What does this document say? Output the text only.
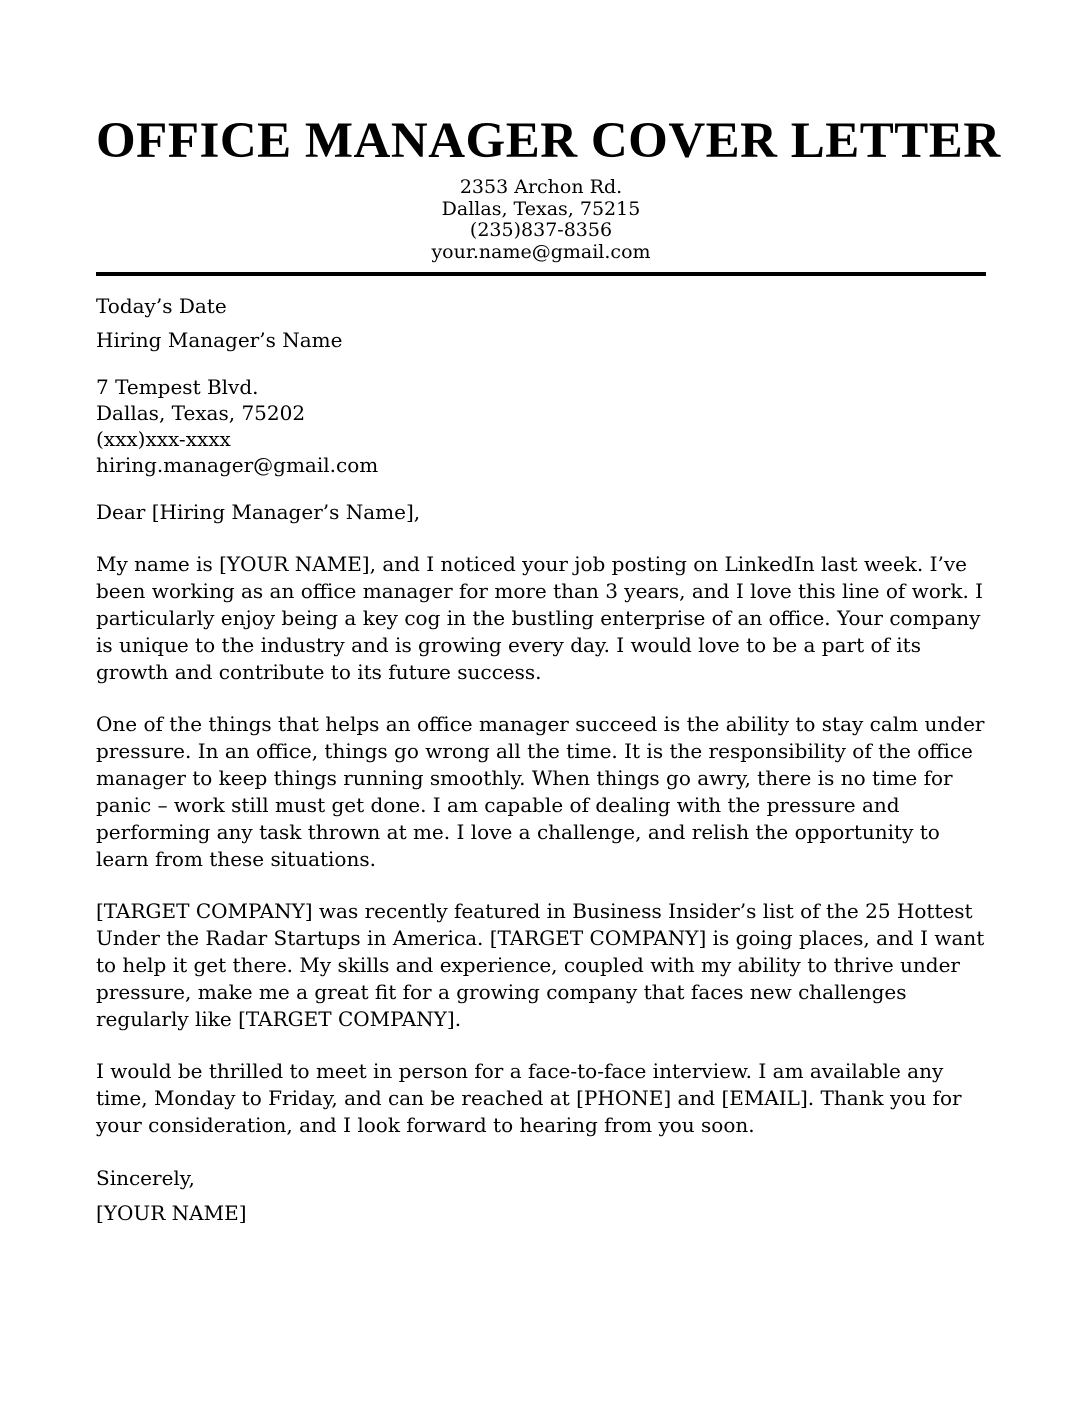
OFFICE MANAGER COVER LETTER
2353 Archon Rd.
Dallas, Texas, 75215
(235)837-8356
your.name@gmail.com

Today’s Date

Hiring Manager’s Name

7 Tempest Blvd.
Dallas, Texas, 75202
(xxx)xxx-xxxx
hiring.manager@gmail.com

Dear [Hiring Manager’s Name],

My name is [YOUR NAME], and I noticed your job posting on LinkedIn last week. I’ve been working as an office manager for more than 3 years, and I love this line of work. I particularly enjoy being a key cog in the bustling enterprise of an office. Your company is unique to the industry and is growing every day. I would love to be a part of its growth and contribute to its future success.

One of the things that helps an office manager succeed is the ability to stay calm under pressure. In an office, things go wrong all the time. It is the responsibility of the office manager to keep things running smoothly. When things go awry, there is no time for panic – work still must get done. I am capable of dealing with the pressure and performing any task thrown at me. I love a challenge, and relish the opportunity to learn from these situations.

[TARGET COMPANY] was recently featured in Business Insider’s list of the 25 Hottest Under the Radar Startups in America. [TARGET COMPANY] is going places, and I want to help it get there. My skills and experience, coupled with my ability to thrive under pressure, make me a great fit for a growing company that faces new challenges regularly like [TARGET COMPANY].

I would be thrilled to meet in person for a face-to-face interview. I am available any time, Monday to Friday, and can be reached at [PHONE] and [EMAIL]. Thank you for your consideration, and I look forward to hearing from you soon.

Sincerely,

[YOUR NAME]
